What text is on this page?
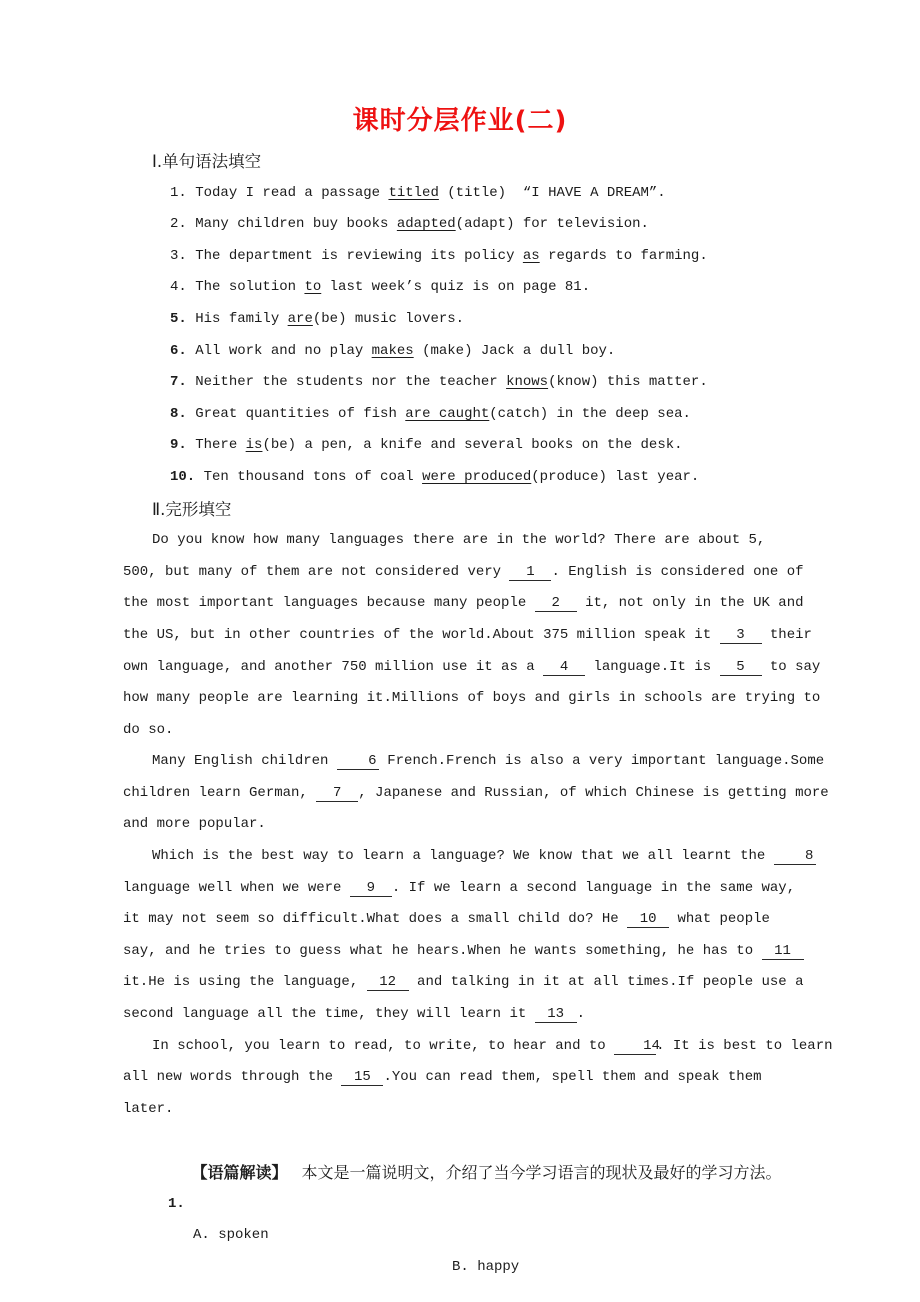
课时分层作业(二)
Ⅰ.单句语法填空
1. Today I read a passage titled (title)  “I HAVE A DREAM”.
2. Many children buy books adapted(adapt) for television.
3. The department is reviewing its policy as regards to farming.
4. The solution to last week’s quiz is on page 81.
5. His family are(be) music lovers.
6. All work and no play makes (make) Jack a dull boy.
7. Neither the students nor the teacher knows(know) this matter.
8. Great quantities of fish are caught(catch) in the deep sea.
9. There is(be) a pen, a knife and several books on the desk.
10. Ten thousand tons of coal were produced(produce) last year.
Ⅱ.完形填空
Do you know how many languages there are in the world? There are about 5,
500, but many of them are not considered very 1 . English is considered one of
the most important languages because many people 2 it, not only in the UK and
the US, but in other countries of the world.About 375 million speak it 3 their
own language, and another 750 million use it as a 4 language.It is 5 to say
how many people are learning it.Millions of boys and girls in schools are trying to
do so.
Many English children 6 French.French is also a very important language.Some
children learn German, 7 , Japanese and Russian, of which Chinese is getting more
and more popular.
Which is the best way to learn a language? We know that we all learnt the 8
language well when we were 9 . If we learn a second language in the same way,
it may not seem so difficult.What does a small child do? He 10 what people
say, and he tries to guess what he hears.When he wants something, he has to 11
it.He is using the language, 12 and talking in it at all times.If people use a
second language all the time, they will learn it 13 .
In school, you learn to read, to write, to hear and to 14. It is best to learn
all new words through the 15 .You can read them, spell them and speak them
later.

【语篇解读】 本文是一篇说明文，介绍了当今学习语言的现状及最好的学习方法。

1.

A. spoken

B. happy
